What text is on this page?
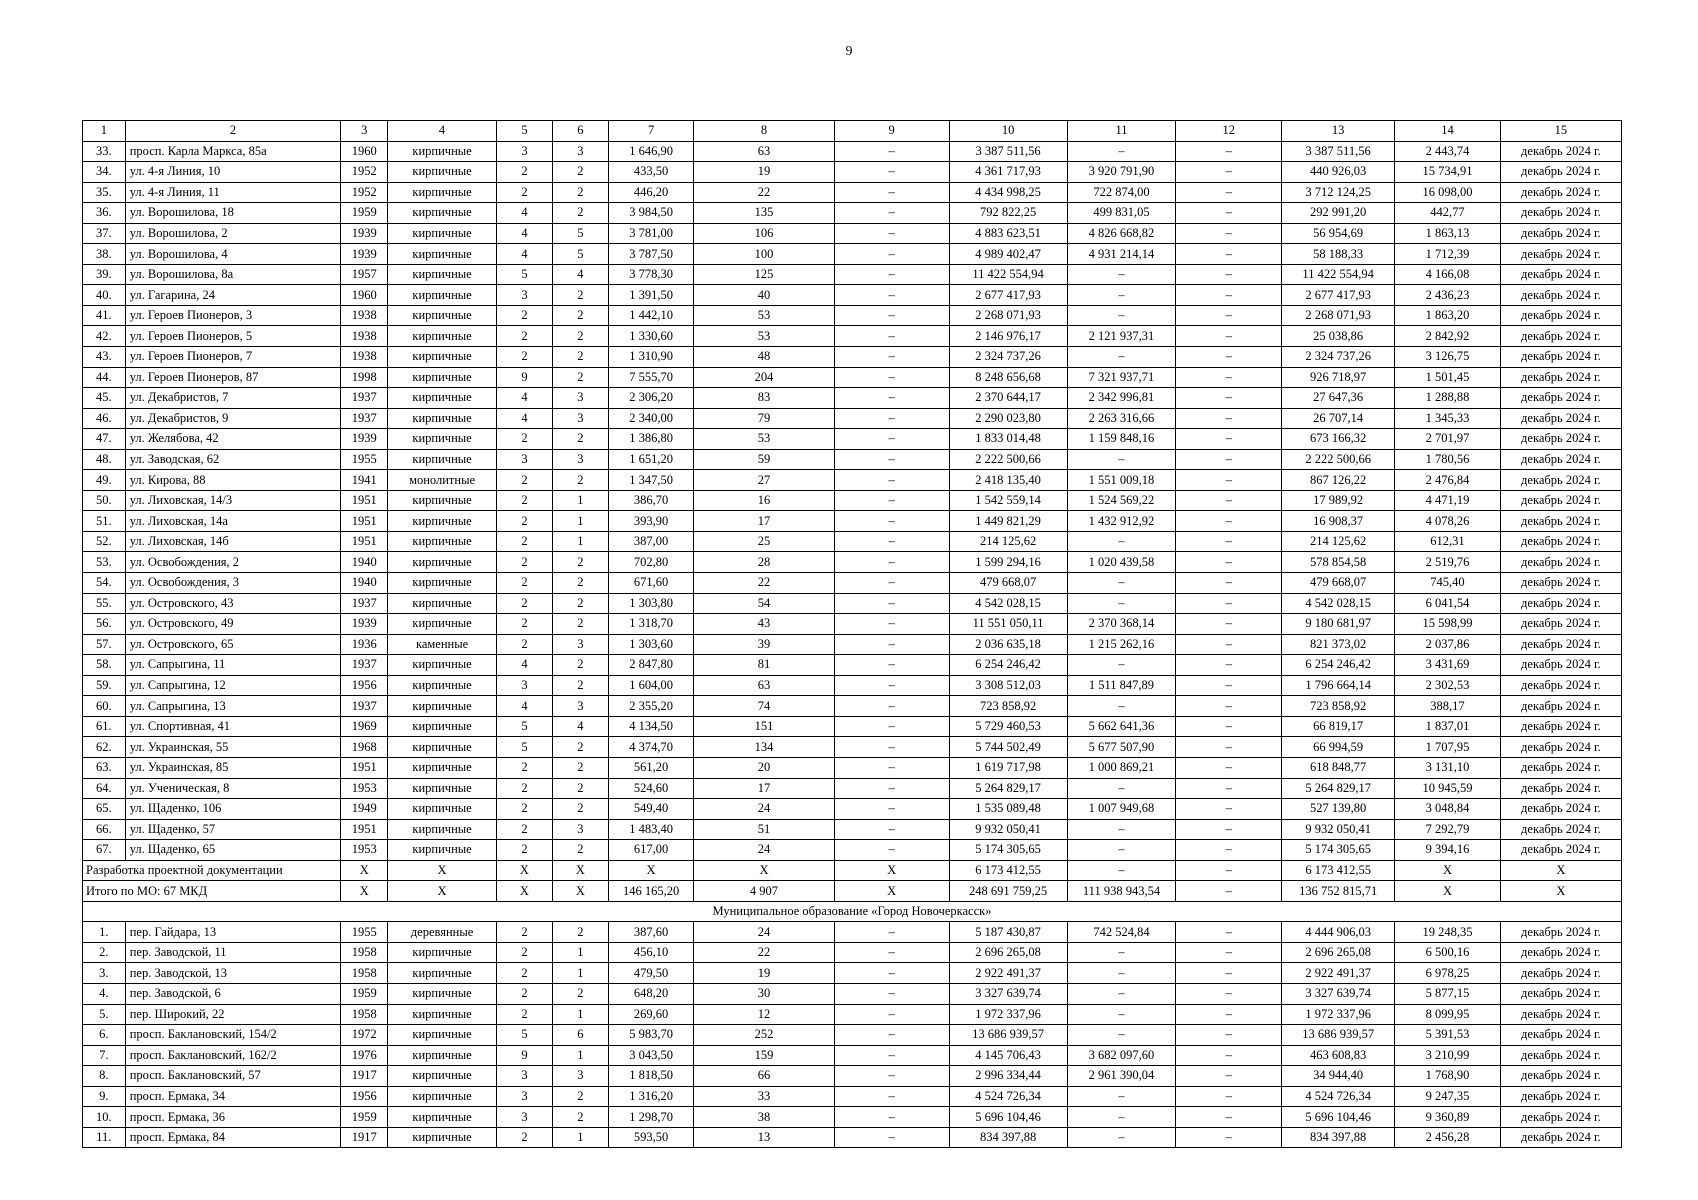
9
1	2	3	4	5	6	7	8	9	10	11	12	13	14	15
33.	просп. Карла Маркса, 85а	1960	кирпичные	3	3	1 646,90	63	–	3 387 511,56	–	–	3 387 511,56	2 443,74	декабрь 2024 г.
34.	ул. 4-я Линия, 10	1952	кирпичные	2	2	433,50	19	–	4 361 717,93	3 920 791,90	–	440 926,03	15 734,91	декабрь 2024 г.
35.	ул. 4-я Линия, 11	1952	кирпичные	2	2	446,20	22	–	4 434 998,25	722 874,00	–	3 712 124,25	16 098,00	декабрь 2024 г.
36.	ул. Ворошилова, 18	1959	кирпичные	4	2	3 984,50	135	–	792 822,25	499 831,05	–	292 991,20	442,77	декабрь 2024 г.
37.	ул. Ворошилова, 2	1939	кирпичные	4	5	3 781,00	106	–	4 883 623,51	4 826 668,82	–	56 954,69	1 863,13	декабрь 2024 г.
38.	ул. Ворошилова, 4	1939	кирпичные	4	5	3 787,50	100	–	4 989 402,47	4 931 214,14	–	58 188,33	1 712,39	декабрь 2024 г.
39.	ул. Ворошилова, 8а	1957	кирпичные	5	4	3 778,30	125	–	11 422 554,94	–	–	11 422 554,94	4 166,08	декабрь 2024 г.
40.	ул. Гагарина, 24	1960	кирпичные	3	2	1 391,50	40	–	2 677 417,93	–	–	2 677 417,93	2 436,23	декабрь 2024 г.
41.	ул. Героев Пионеров, 3	1938	кирпичные	2	2	1 442,10	53	–	2 268 071,93	–	–	2 268 071,93	1 863,20	декабрь 2024 г.
42.	ул. Героев Пионеров, 5	1938	кирпичные	2	2	1 330,60	53	–	2 146 976,17	2 121 937,31	–	25 038,86	2 842,92	декабрь 2024 г.
43.	ул. Героев Пионеров, 7	1938	кирпичные	2	2	1 310,90	48	–	2 324 737,26	–	–	2 324 737,26	3 126,75	декабрь 2024 г.
44.	ул. Героев Пионеров, 87	1998	кирпичные	9	2	7 555,70	204	–	8 248 656,68	7 321 937,71	–	926 718,97	1 501,45	декабрь 2024 г.
45.	ул. Декабристов, 7	1937	кирпичные	4	3	2 306,20	83	–	2 370 644,17	2 342 996,81	–	27 647,36	1 288,88	декабрь 2024 г.
46.	ул. Декабристов, 9	1937	кирпичные	4	3	2 340,00	79	–	2 290 023,80	2 263 316,66	–	26 707,14	1 345,33	декабрь 2024 г.
47.	ул. Желябова, 42	1939	кирпичные	2	2	1 386,80	53	–	1 833 014,48	1 159 848,16	–	673 166,32	2 701,97	декабрь 2024 г.
48.	ул. Заводская, 62	1955	кирпичные	3	3	1 651,20	59	–	2 222 500,66	–	–	2 222 500,66	1 780,56	декабрь 2024 г.
49.	ул. Кирова, 88	1941	монолитные	2	2	1 347,50	27	–	2 418 135,40	1 551 009,18	–	867 126,22	2 476,84	декабрь 2024 г.
50.	ул. Лиховская, 14/3	1951	кирпичные	2	1	386,70	16	–	1 542 559,14	1 524 569,22	–	17 989,92	4 471,19	декабрь 2024 г.
51.	ул. Лиховская, 14а	1951	кирпичные	2	1	393,90	17	–	1 449 821,29	1 432 912,92	–	16 908,37	4 078,26	декабрь 2024 г.
52.	ул. Лиховская, 14б	1951	кирпичные	2	1	387,00	25	–	214 125,62	–	–	214 125,62	612,31	декабрь 2024 г.
53.	ул. Освобождения, 2	1940	кирпичные	2	2	702,80	28	–	1 599 294,16	1 020 439,58	–	578 854,58	2 519,76	декабрь 2024 г.
54.	ул. Освобождения, 3	1940	кирпичные	2	2	671,60	22	–	479 668,07	–	–	479 668,07	745,40	декабрь 2024 г.
55.	ул. Островского, 43	1937	кирпичные	2	2	1 303,80	54	–	4 542 028,15	–	–	4 542 028,15	6 041,54	декабрь 2024 г.
56.	ул. Островского, 49	1939	кирпичные	2	2	1 318,70	43	–	11 551 050,11	2 370 368,14	–	9 180 681,97	15 598,99	декабрь 2024 г.
57.	ул. Островского, 65	1936	каменные	2	3	1 303,60	39	–	2 036 635,18	1 215 262,16	–	821 373,02	2 037,86	декабрь 2024 г.
58.	ул. Сапрыгина, 11	1937	кирпичные	4	2	2 847,80	81	–	6 254 246,42	–	–	6 254 246,42	3 431,69	декабрь 2024 г.
59.	ул. Сапрыгина, 12	1956	кирпичные	3	2	1 604,00	63	–	3 308 512,03	1 511 847,89	–	1 796 664,14	2 302,53	декабрь 2024 г.
60.	ул. Сапрыгина, 13	1937	кирпичные	4	3	2 355,20	74	–	723 858,92	–	–	723 858,92	388,17	декабрь 2024 г.
61.	ул. Спортивная, 41	1969	кирпичные	5	4	4 134,50	151	–	5 729 460,53	5 662 641,36	–	66 819,17	1 837,01	декабрь 2024 г.
62.	ул. Украинская, 55	1968	кирпичные	5	2	4 374,70	134	–	5 744 502,49	5 677 507,90	–	66 994,59	1 707,95	декабрь 2024 г.
63.	ул. Украинская, 85	1951	кирпичные	2	2	561,20	20	–	1 619 717,98	1 000 869,21	–	618 848,77	3 131,10	декабрь 2024 г.
64.	ул. Ученическая, 8	1953	кирпичные	2	2	524,60	17	–	5 264 829,17	–	–	5 264 829,17	10 945,59	декабрь 2024 г.
65.	ул. Щаденко, 106	1949	кирпичные	2	2	549,40	24	–	1 535 089,48	1 007 949,68	–	527 139,80	3 048,84	декабрь 2024 г.
66.	ул. Щаденко, 57	1951	кирпичные	2	3	1 483,40	51	–	9 932 050,41	–	–	9 932 050,41	7 292,79	декабрь 2024 г.
67.	ул. Щаденко, 65	1953	кирпичные	2	2	617,00	24	–	5 174 305,65	–	–	5 174 305,65	9 394,16	декабрь 2024 г.
Разработка проектной документации		Х	Х	Х	Х	Х	Х	Х	6 173 412,55	–	–	6 173 412,55	Х	Х
Итого по МО: 67 МКД		Х	Х	Х	Х	146 165,20	4 907	Х	248 691 759,25	111 938 943,54	–	136 752 815,71	Х	Х
Муниципальное образование «Город Новочеркасск»														
1.	пер. Гайдара, 13	1955	деревянные	2	2	387,60	24	–	5 187 430,87	742 524,84	–	4 444 906,03	19 248,35	декабрь 2024 г.
2.	пер. Заводской, 11	1958	кирпичные	2	1	456,10	22	–	2 696 265,08	–	–	2 696 265,08	6 500,16	декабрь 2024 г.
3.	пер. Заводской, 13	1958	кирпичные	2	1	479,50	19	–	2 922 491,37	–	–	2 922 491,37	6 978,25	декабрь 2024 г.
4.	пер. Заводской, 6	1959	кирпичные	2	2	648,20	30	–	3 327 639,74	–	–	3 327 639,74	5 877,15	декабрь 2024 г.
5.	пер. Широкий, 22	1958	кирпичные	2	1	269,60	12	–	1 972 337,96	–	–	1 972 337,96	8 099,95	декабрь 2024 г.
6.	просп. Баклановский, 154/2	1972	кирпичные	5	6	5 983,70	252	–	13 686 939,57	–	–	13 686 939,57	5 391,53	декабрь 2024 г.
7.	просп. Баклановский, 162/2	1976	кирпичные	9	1	3 043,50	159	–	4 145 706,43	3 682 097,60	–	463 608,83	3 210,99	декабрь 2024 г.
8.	просп. Баклановский, 57	1917	кирпичные	3	3	1 818,50	66	–	2 996 334,44	2 961 390,04	–	34 944,40	1 768,90	декабрь 2024 г.
9.	просп. Ермака, 34	1956	кирпичные	3	2	1 316,20	33	–	4 524 726,34	–	–	4 524 726,34	9 247,35	декабрь 2024 г.
10.	просп. Ермака, 36	1959	кирпичные	3	2	1 298,70	38	–	5 696 104,46	–	–	5 696 104,46	9 360,89	декабрь 2024 г.
11.	просп. Ермака, 84	1917	кирпичные	2	1	593,50	13	–	834 397,88	–	–	834 397,88	2 456,28	декабрь 2024 г.
